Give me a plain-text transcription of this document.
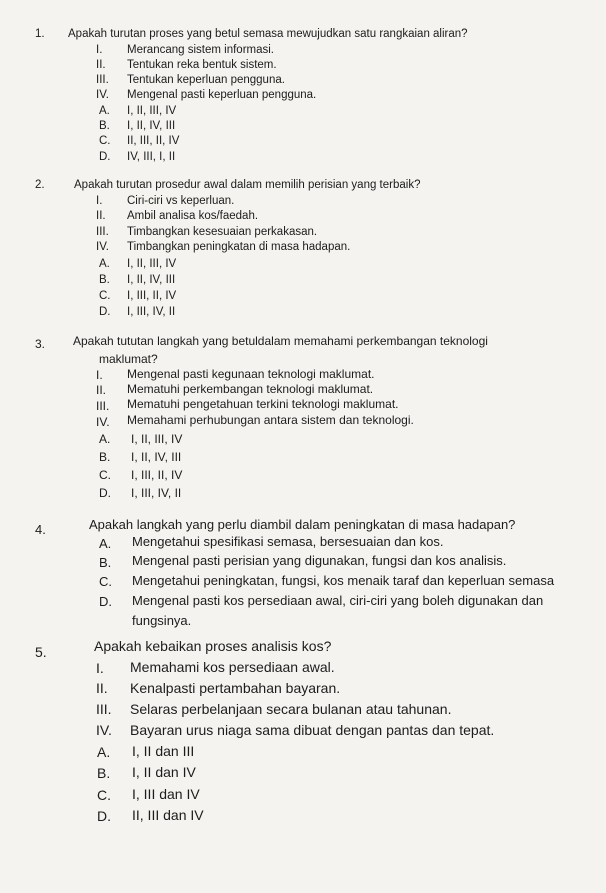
1. Apakah turutan proses yang betul semasa mewujudkan satu rangkaian aliran?
I. Merancang sistem informasi.
II. Tentukan reka bentuk sistem.
III. Tentukan keperluan pengguna.
IV. Mengenal pasti keperluan pengguna.
A. I, II, III, IV
B. I, II, IV, III
C. II, III, II, IV
D. IV, III, I, II
2.	Apakah turutan prosedur awal dalam memilih perisian yang terbaik?
I. Ciri-ciri vs keperluan.
II. Ambil analisa kos/faedah.
III. Timbangkan kesesuaian perkakasan.
IV. Timbangkan peningkatan di masa hadapan.
A. I, II, III, IV
B. I, II, IV, III
C. I, III, II, IV
D. I, III, IV, II
3. Apakah tututan langkah yang betuldalam memahami perkembangan teknologi
maklumat?
I. Mengenal pasti kegunaan teknologi maklumat.
II. Mematuhi perkembangan teknologi maklumat.
III. Mematuhi pengetahuan terkini teknologi maklumat.
IV. Memahami perhubungan antara sistem dan teknologi.
A. I, II, III, IV
B. I, II, IV, III
C. I, III, II, IV
D. I, III, IV, II
4.	Apakah langkah yang perlu diambil dalam peningkatan di masa hadapan?
A. Mengetahui spesifikasi semasa, bersesuaian dan kos.
B. Mengenal pasti perisian yang digunakan, fungsi dan kos analisis.
C. Mengetahui peningkatan, fungsi, kos menaik taraf dan keperluan semasa
D. Mengenal pasti kos persediaan awal, ciri-ciri yang boleh digunakan dan
fungsinya.
5.	Apakah kebaikan proses analisis kos?
I. Memahami kos persediaan awal.
II. Kenalpasti pertambahan bayaran.
III. Selaras perbelanjaan secara bulanan atau tahunan.
IV. Bayaran urus niaga sama dibuat dengan pantas dan tepat.
A. I, II dan III
B. I, II dan IV
C. I, III dan IV
D. II, III dan IV
